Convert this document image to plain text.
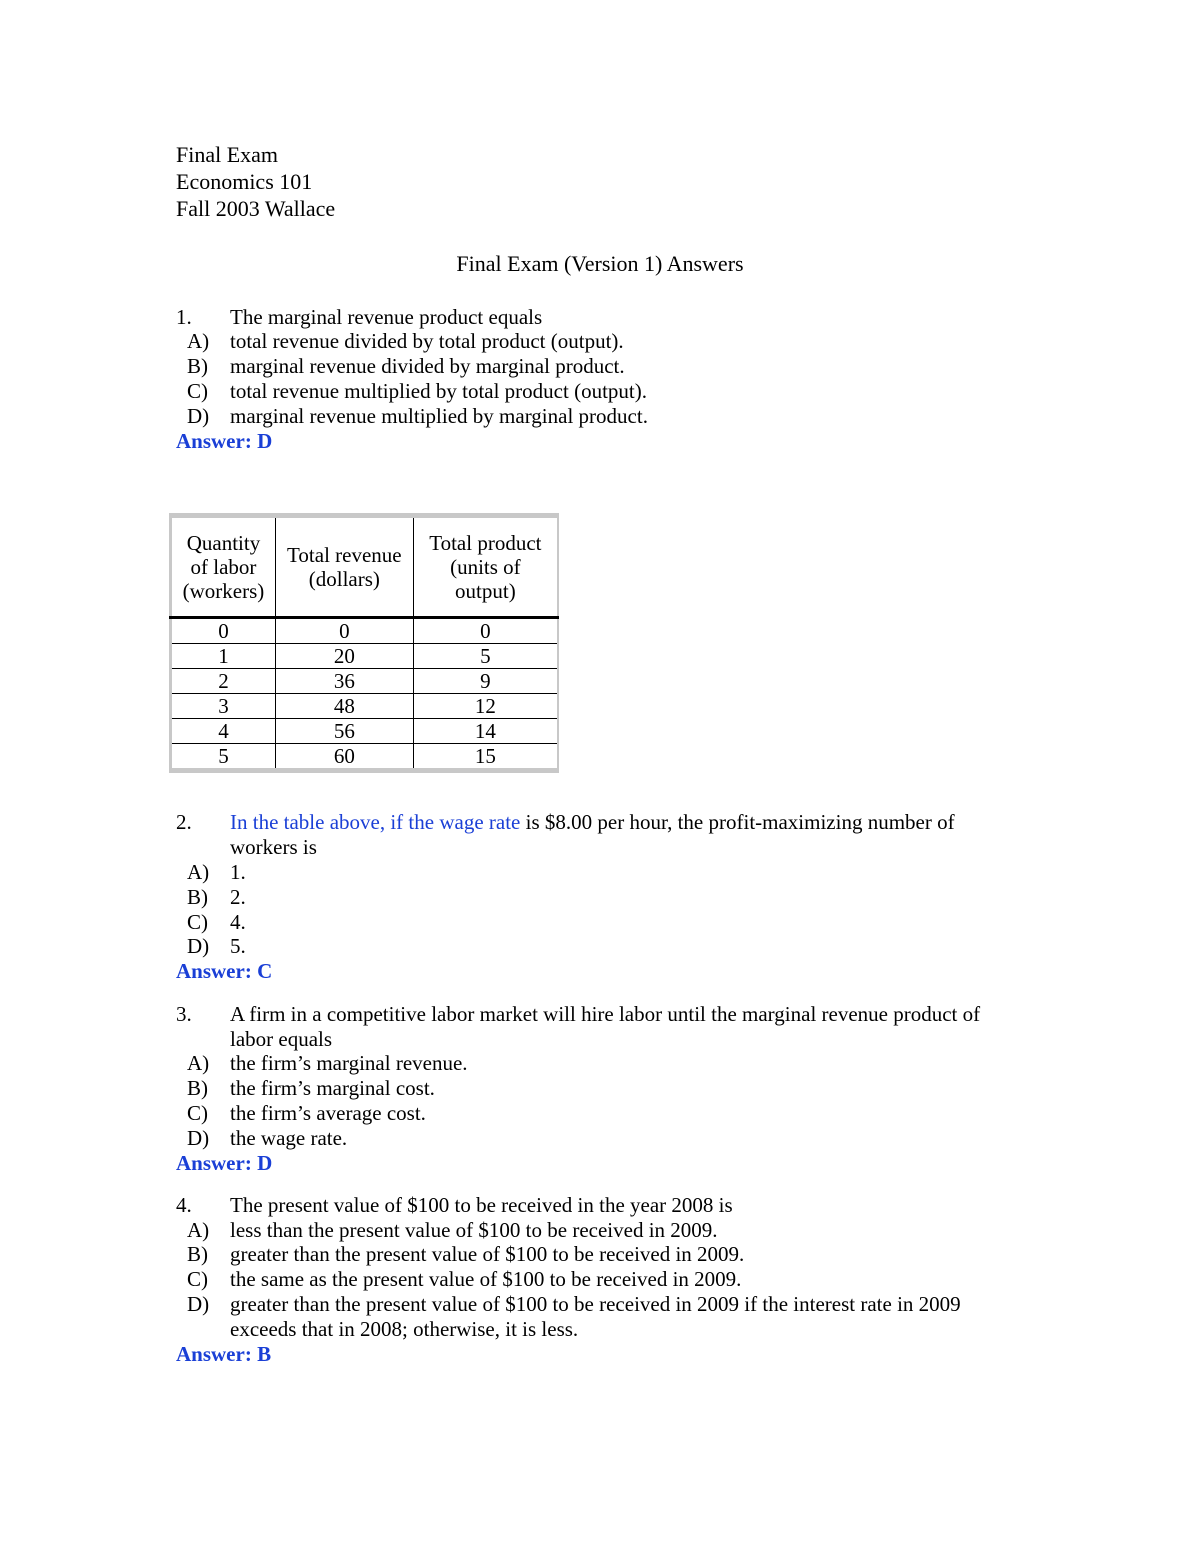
Final Exam
Economics 101
Fall 2003 Wallace
Final Exam (Version 1) Answers
1. The marginal revenue product equals
A) total revenue divided by total product (output).
B) marginal revenue divided by marginal product.
C) total revenue multiplied by total product (output).
D) marginal revenue multiplied by marginal product.
Answer: D
Quantity of labor (workers)	Total revenue (dollars)	Total product (units of output)
0	0	0
1	20	5
2	36	9
3	48	12
4	56	14
5	60	15
2. In the table above, if the wage rate is $8.00 per hour, the profit-maximizing number of workers is
A) 1.
B) 2.
C) 4.
D) 5.
Answer: C
3. A firm in a competitive labor market will hire labor until the marginal revenue product of labor equals
A) the firm’s marginal revenue.
B) the firm’s marginal cost.
C) the firm’s average cost.
D) the wage rate.
Answer: D
4. The present value of $100 to be received in the year 2008 is
A) less than the present value of $100 to be received in 2009.
B) greater than the present value of $100 to be received in 2009.
C) the same as the present value of $100 to be received in 2009.
D) greater than the present value of $100 to be received in 2009 if the interest rate in 2009 exceeds that in 2008; otherwise, it is less.
Answer: B
